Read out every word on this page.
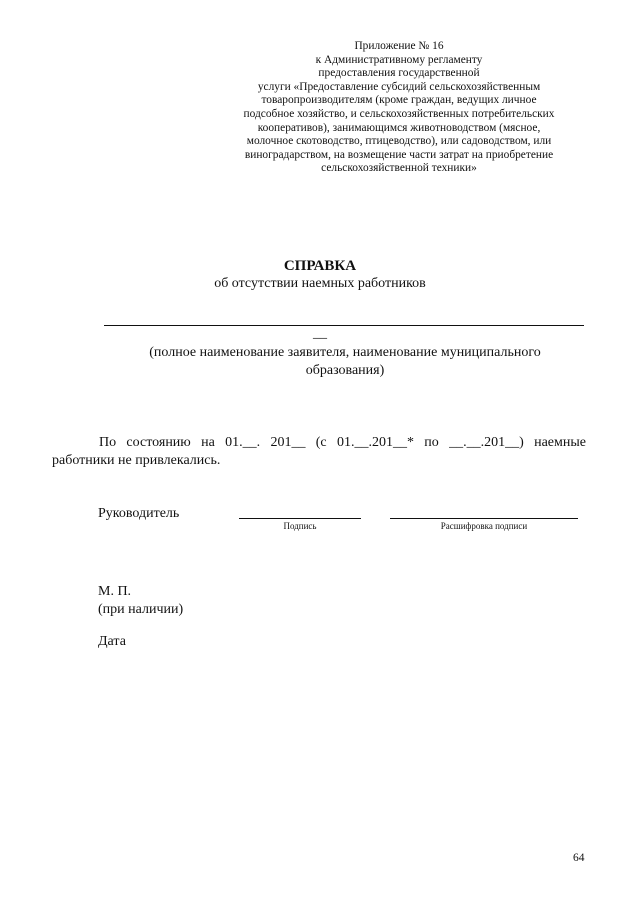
Приложение № 16
к Административному регламенту
предоставления государственной
услуги «Предоставление субсидий сельскохозяйственным
товаропроизводителям (кроме граждан, ведущих личное
подсобное хозяйство, и сельскохозяйственных потребительских
кооперативов), занимающимся животноводством (мясное,
молочное скотоводство, птицеводство), или садоводством, или
виноградарством, на возмещение части затрат на приобретение
сельскохозяйственной техники»
СПРАВКА
об отсутствии наемных работников
__
(полное наименование заявителя, наименование муниципального
образования)
По состоянию на 01.__. 201__ (с 01.__.201__* по __.__.201__) наемные
работники не привлекались.
Руководитель
Подпись	Расшифровка подписи
М. П.
(при наличии)
Дата
64
